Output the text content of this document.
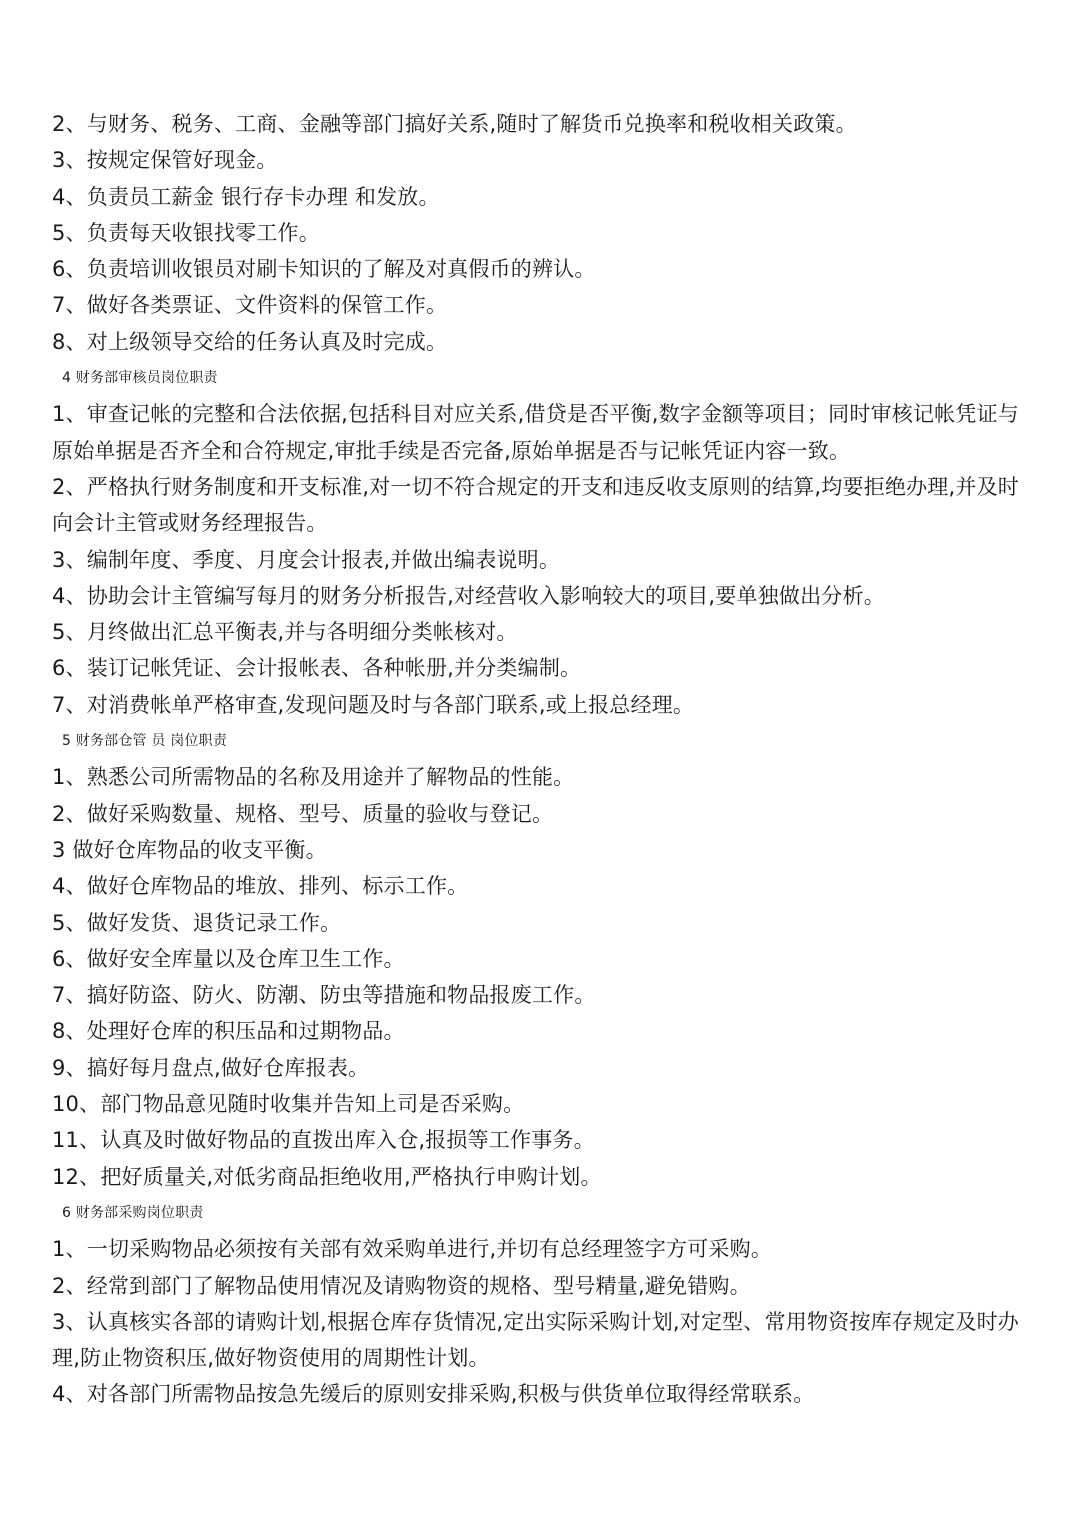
2、与财务、税务、工商、金融等部门搞好关系,随时了解货币兑换率和税收相关政策。
3、按规定保管好现金。
4、负责员工薪金 银行存卡办理 和发放。
5、负责每天收银找零工作。
6、负责培训收银员对刷卡知识的了解及对真假币的辨认。
7、做好各类票证、文件资料的保管工作。
8、对上级领导交给的任务认真及时完成。
4 财务部审核员岗位职责
1、审查记帐的完整和合法依据,包括科目对应关系,借贷是否平衡,数字金额等项目；同时审核记帐凭证与
原始单据是否齐全和合符规定,审批手续是否完备,原始单据是否与记帐凭证内容一致。
2、严格执行财务制度和开支标准,对一切不符合规定的开支和违反收支原则的结算,均要拒绝办理,并及时
向会计主管或财务经理报告。
3、编制年度、季度、月度会计报表,并做出编表说明。
4、协助会计主管编写每月的财务分析报告,对经营收入影响较大的项目,要单独做出分析。
5、月终做出汇总平衡表,并与各明细分类帐核对。
6、装订记帐凭证、会计报帐表、各种帐册,并分类编制。
7、对消费帐单严格审查,发现问题及时与各部门联系,或上报总经理。
5 财务部仓管 员 岗位职责
1、熟悉公司所需物品的名称及用途并了解物品的性能。
2、做好采购数量、规格、型号、质量的验收与登记。
3 做好仓库物品的收支平衡。
4、做好仓库物品的堆放、排列、标示工作。
5、做好发货、退货记录工作。
6、做好安全库量以及仓库卫生工作。
7、搞好防盗、防火、防潮、防虫等措施和物品报废工作。
8、处理好仓库的积压品和过期物品。
9、搞好每月盘点,做好仓库报表。
10、部门物品意见随时收集并告知上司是否采购。
11、认真及时做好物品的直拨出库入仓,报损等工作事务。
12、把好质量关,对低劣商品拒绝收用,严格执行申购计划。
6 财务部采购岗位职责
1、一切采购物品必须按有关部有效采购单进行,并切有总经理签字方可采购。
2、经常到部门了解物品使用情况及请购物资的规格、型号精量,避免错购。
3、认真核实各部的请购计划,根据仓库存货情况,定出实际采购计划,对定型、常用物资按库存规定及时办
理,防止物资积压,做好物资使用的周期性计划。
4、对各部门所需物品按急先缓后的原则安排采购,积极与供货单位取得经常联系。
